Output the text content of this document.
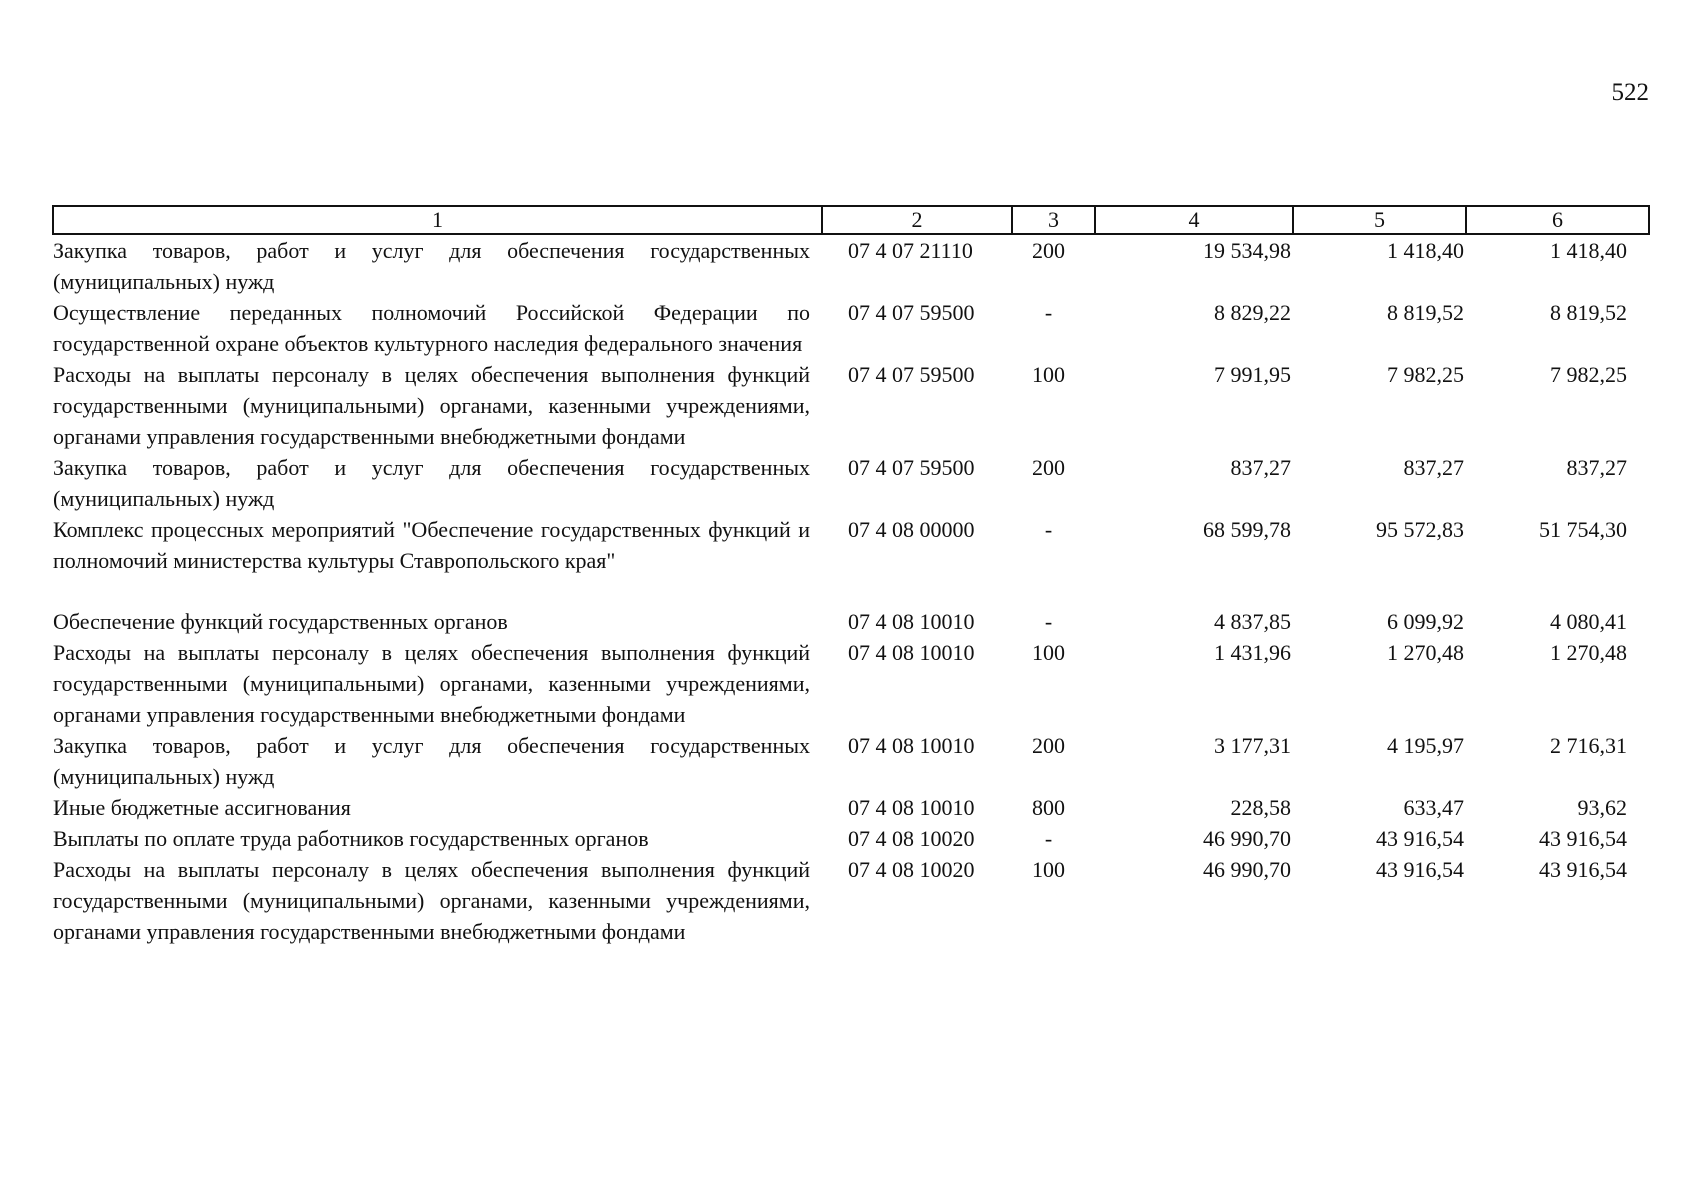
522
1	2	3	4	5	6
Закупка товаров, работ и услуг для обеспечения государственных (муниципальных) нужд	07 4 07 21110	200	19 534,98	1 418,40	1 418,40
Осуществление переданных полномочий Российской Федерации по государственной охране объектов культурного наследия федерального значения	07 4 07 59500	-	8 829,22	8 819,52	8 819,52
Расходы на выплаты персоналу в целях обеспечения выполнения функций государственными (муниципальными) органами, казенными учреждениями, органами управления государственными внебюджетными фондами	07 4 07 59500	100	7 991,95	7 982,25	7 982,25
Закупка товаров, работ и услуг для обеспечения государственных (муниципальных) нужд	07 4 07 59500	200	837,27	837,27	837,27
Комплекс процессных мероприятий "Обеспечение государственных функций и полномочий министерства культуры Ставропольского края"	07 4 08 00000	-	68 599,78	95 572,83	51 754,30

Обеспечение функций государственных органов	07 4 08 10010	-	4 837,85	6 099,92	4 080,41
Расходы на выплаты персоналу в целях обеспечения выполнения функций государственными (муниципальными) органами, казенными учреждениями, органами управления государственными внебюджетными фондами	07 4 08 10010	100	1 431,96	1 270,48	1 270,48
Закупка товаров, работ и услуг для обеспечения государственных (муниципальных) нужд	07 4 08 10010	200	3 177,31	4 195,97	2 716,31
Иные бюджетные ассигнования	07 4 08 10010	800	228,58	633,47	93,62
Выплаты по оплате труда работников государственных органов	07 4 08 10020	-	46 990,70	43 916,54	43 916,54
Расходы на выплаты персоналу в целях обеспечения выполнения функций государственными (муниципальными) органами, казенными учреждениями, органами управления государственными внебюджетными фондами	07 4 08 10020	100	46 990,70	43 916,54	43 916,54
